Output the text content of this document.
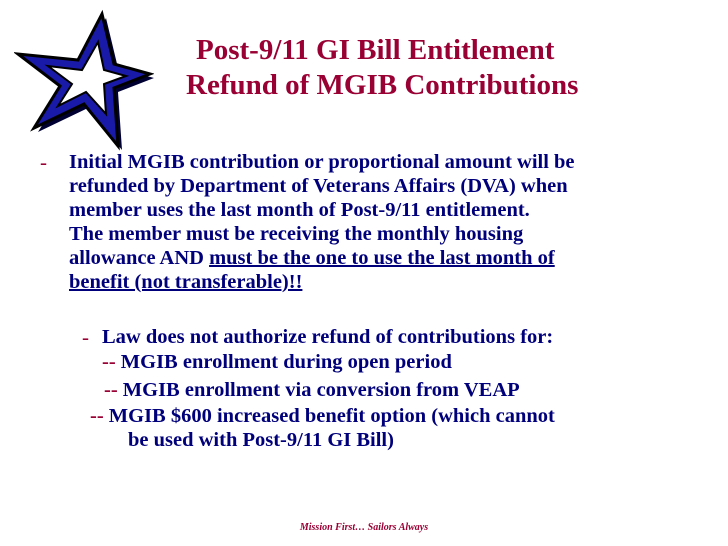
Post-9/11 GI Bill Entitlement
Refund of MGIB Contributions
- Initial MGIB contribution or proportional amount will be

refunded by Department of Veterans Affairs (DVA) when

member uses the last month of Post-9/11 entitlement.

The member must be receiving the monthly housing

allowance AND must be the one to use the last month of

benefit (not transferable)!!

- Law does not authorize refund of contributions for:

-- MGIB enrollment during open period

-- MGIB enrollment via conversion from VEAP

-- MGIB $600 increased benefit option (which cannot

be used with Post-9/11 GI Bill)

Mission First… Sailors Always
